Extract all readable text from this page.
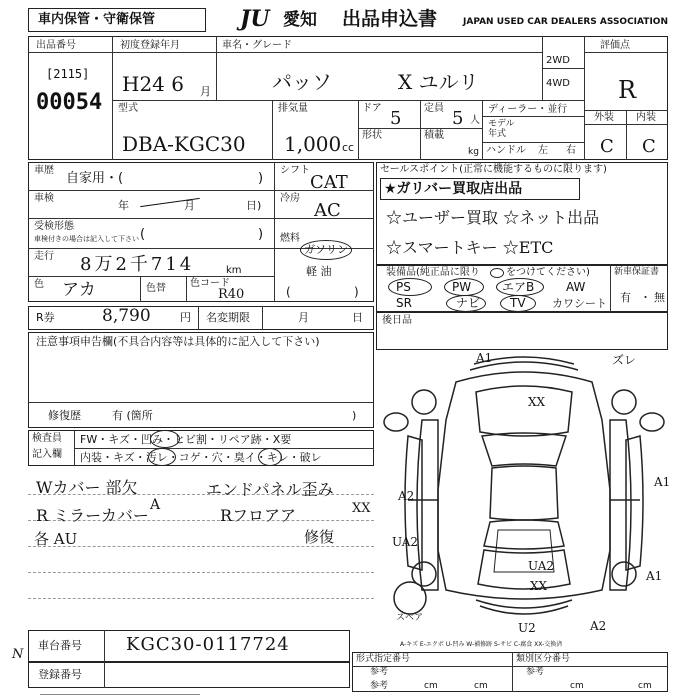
車内保管・守衛保管	JU 愛知 出品申込書	JAPAN USED CAR DEALERS ASSOCIATION
出品番号
[2115]
00054
初度登録年月
H24 6 月
車名・グレード
パッソ	X ユルリ
2WD
4WD
評価点
R
外装 内装
C C
型式
DBA-KGC30
排気量
1,000 cc
ドア 5 定員 5 人
形状	積載
kg
ディーラー・並行
モデル年式
ハンドル 左 右
車歴
自家用・(	)
車検
年	月	日)
受検形態
車検付きの場合は記入して下さい (	)
走行 8万2千714	km
色 アカ	色替 色コード
R40
シフト
CAT
冷房
AC
燃料
ガソリン
軽 油
(	)
セールスポイント(正常に機能するものに限ります)
★ガリバー買取店出品
☆ユーザー買取 ☆ネット出品
☆スマートキー ☆ETC
装備品(純正品に限り	をつけてください)	新車保証書
有 ・ 無
PS	PW	エアB	AW
SR	ナビ TV カワシート
R券	8,790	円 名変期限	月	日 後日品
注意事項申告欄(不具合内容等は具体的に記入して下さい)
修復歴	有 (箇所	)
検査員
記入欄
FW・キズ・凹み・ヒビ割・リペア跡・X要
内装・キズ・汚レ・コゲ・穴・臭イ・キレ・破レ
Wカバー 部欠
A
エンドパネル歪み
XX
R ミラーカバー	Rフロアア
各 AU	修復
A1	ズレ
XX
A2
A1
UA2
UA2
XX
A1
U2	A2
スペア
A-キズ E-エクボ U-凹み W-補修跡 S-サビ C-腐食 XX-交換済
車台番号 KGC30-0117724
登録番号
N	形式指定番号	類別区分番号
参考	参考
参考	cm	cm	cm	cm
